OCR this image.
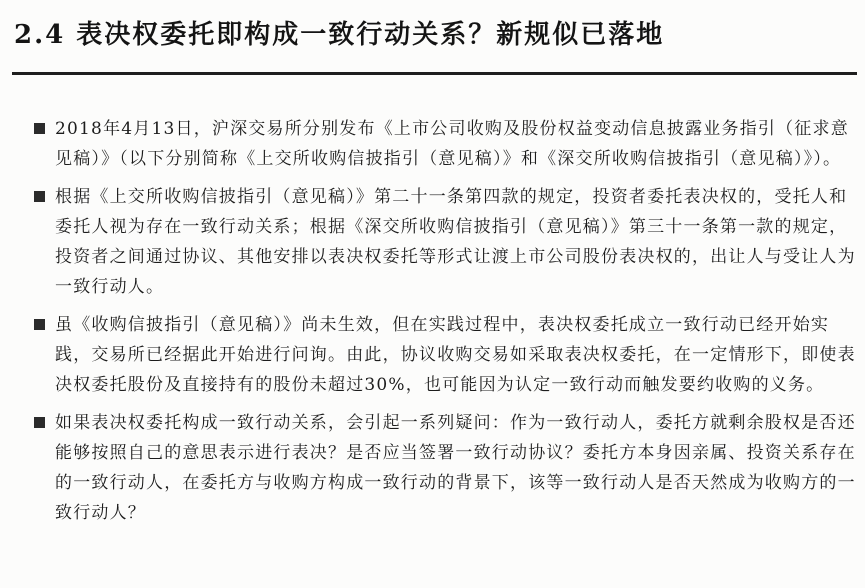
2.4 表决权委托即构成一致行动关系？新规似已落地
2018年4月13日，沪深交易所分别发布《上市公司收购及股份权益变动信息披露业务指引（征求意见稿）》（以下分别简称《上交所收购信披指引（意见稿）》和《深交所收购信披指引（意见稿）》）。
根据《上交所收购信披指引（意见稿）》第二十一条第四款的规定，投资者委托表决权的，受托人和委托人视为存在一致行动关系；根据《深交所收购信披指引（意见稿）》第三十一条第一款的规定，投资者之间通过协议、其他安排以表决权委托等形式让渡上市公司股份表决权的，出让人与受让人为一致行动人。
虽《收购信披指引（意见稿）》尚未生效，但在实践过程中，表决权委托成立一致行动已经开始实践，交易所已经据此开始进行问询。由此，协议收购交易如采取表决权委托，在一定情形下，即使表决权委托股份及直接持有的股份未超过30%，也可能因为认定一致行动而触发要约收购的义务。
如果表决权委托构成一致行动关系，会引起一系列疑问：作为一致行动人，委托方就剩余股权是否还能够按照自己的意思表示进行表决？是否应当签署一致行动协议？委托方本身因亲属、投资关系存在的一致行动人，在委托方与收购方构成一致行动的背景下，该等一致行动人是否天然成为收购方的一致行动人？
